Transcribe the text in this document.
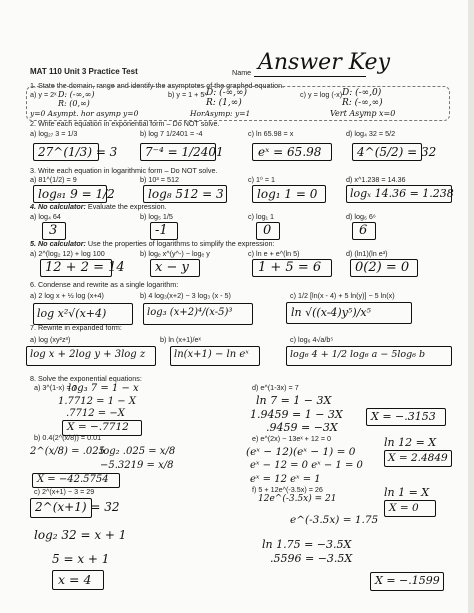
MAT 110 Unit 3 Practice Test	Name Answer Key
1. State the domain, range and identify the asymptotes of the graphed equation.
a) y = 2ˣ D: (-∞,∞)
R: (0,∞)
y=0 Asympt. hor asymp y=0
b) y = 1 + 5ˣ D: (-∞,∞)
R: (1,∞)
HorAsymp: y=1
c) y = log (-x) D: (-∞,0)
R: (-∞,∞)
Vert Asymp x=0
2. Write each equation in exponential form – Do NOT solve.
a) log₂₇ 3 = 1/3	b) log 7 1/2401 = -4	c) ln 65.98 = x	d) log₄ 32 = 5/2
27^(1/3) = 3 7⁻⁴ = 1/2401	eˣ = 65.98	4^(5/2) = 32
3. Write each equation in logarithmic form – Do NOT solve.
a) 81^(1/2) = 9	b) 10³ = 512	c) 1⁰ = 1	d) x^1.238 = 14.36
log₈₁ 9 = 1/2	log₈ 512 = 3	log₁ 1 = 0	logₓ 14.36 = 1.238
4. No calculator: Evaluate the expression.
a) log₄ 64	b) log₅ 1/5	c) log₁ 1	d) log₆ 6⁶
3	-1	0	6
5. No calculator: Use the properties of logarithms to simplify the expression:
a) 2^(log₂ 12) + log 100	b) logₑ x^(y^-) − logₑ y	c) ln e + e^(ln 5)	d) (ln1)(ln e³)
12 + 2 = 14 x − y	1 + 5 = 6	0(2) = 0
6. Condense and rewrite as a single logarithm:
a) 2 log x + ½ log (x+4)	b) 4 log₃(x+2) − 3 log₃ (x - 5)	c) 1/2 [ln(x - 4) + 5 ln(y)] − 5 ln(x)
log x²√(x+4)	log₃ (x+2)⁴/(x-5)³	ln √((x-4)y⁵)/x⁵
7. Rewrite in expanded form:
a) log (xy²z³)	b) ln (x+1)/eˣ	c) log₆ 4√a/b⁵
log x + 2log y + 3log z	ln(x+1) − ln eˣ	log₆ 4 + 1/2 log₆ a − 5log₆ b
8. Solve the exponential equations:
a) 3^(1-x) = 7
log₃ 7 = 1 − x
1.7712 = 1 − X
.7712 = −X
X = −.7712
b) 0.4(2^(x/8)) = 0.01
2^(x/8) = .025
log₂ .025 = x/8
−5.3219 = x/8
X = −42.5754
c) 2^(x+1) − 3 = 29
2^(x+1) = 32
log₂ 32 = x + 1
5 = x + 1
x = 4
d) e^(1-3x) = 7
ln 7 = 1 − 3X
1.9459 = 1 − 3X
.9459 = −3X
X = −.3153
e) e^(2x) − 13eˣ + 12 = 0
(eˣ − 12)(eˣ − 1) = 0
eˣ − 12 = 0 eˣ − 1 = 0
eˣ = 12 eˣ = 1
ln 12 = X
X = 2.4849
ln 1 = X
X = 0
f) 5 + 12e^(-3.5x) = 26
12e^(-3.5x) = 21
e^(-3.5x) = 1.75
ln 1.75 = −3.5X
.5596 = −3.5X
X = −.1599
